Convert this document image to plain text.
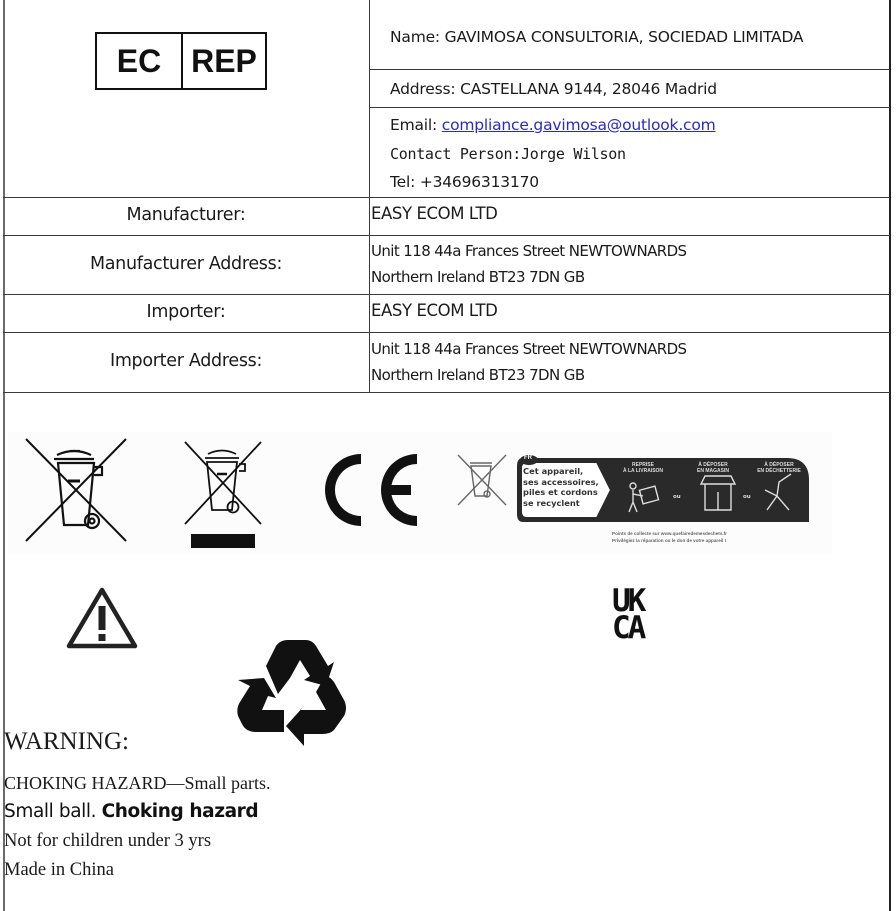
EC REP
Name: GAVIMOSA CONSULTORIA, SOCIEDAD LIMITADA
Address: CASTELLANA 9144, 28046 Madrid
Email: compliance.gavimosa@outlook.com
Contact Person:Jorge Wilson
Tel: +34696313170
Manufacturer:	EASY ECOM LTD
Manufacturer Address:
Unit 118 44a Frances Street NEWTOWNARDS
Northern Ireland BT23 7DN GB
Importer:	EASY ECOM LTD
Importer Address:
Unit 118 44a Frances Street NEWTOWNARDS
Northern Ireland BT23 7DN GB
ou	ou
FR
Cet appareil,
ses accessoires,
piles et cordons
se recyclent
REPRISE
À LA LIVRAISON
À DÉPOSER
EN MAGASIN
À DÉPOSER
EN DÉCHETTERIE
Points de collecte sur www.quefairedemesdechets.fr
Privilégiez la réparation ou le don de votre appareil !
UK
CA
WARNING:
CHOKING HAZARD—Small parts.
Small ball. Choking hazard
Not for children under 3 yrs
Made in China
